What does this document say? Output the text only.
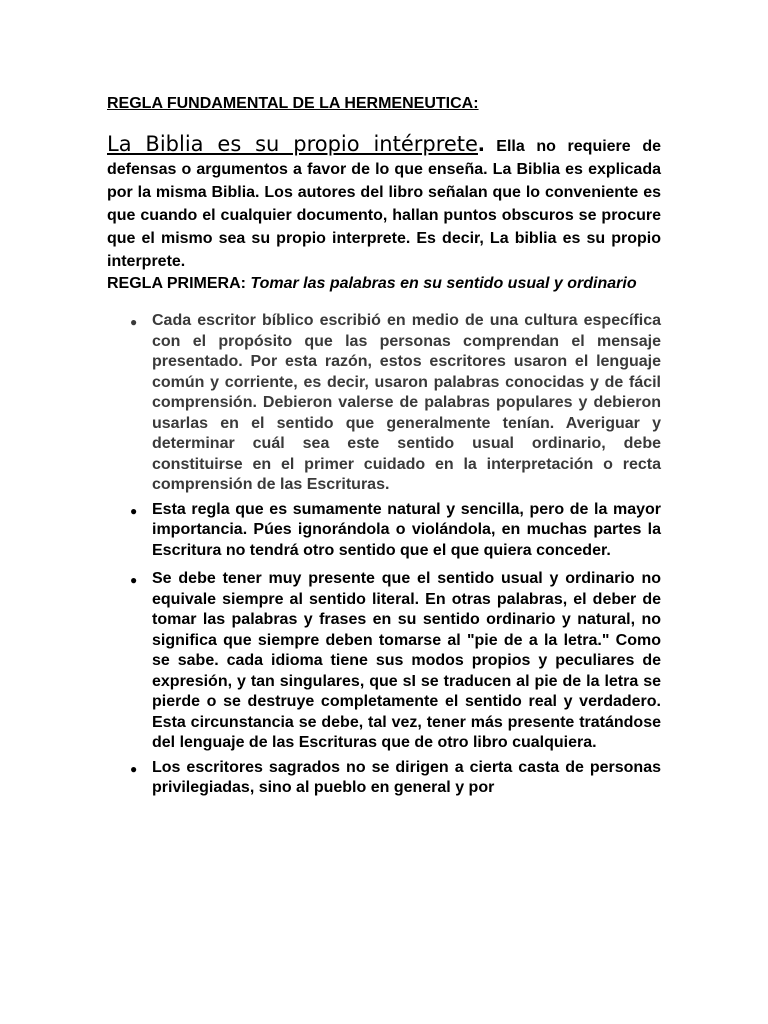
REGLA FUNDAMENTAL DE LA HERMENEUTICA:

La Biblia es su propio intérprete. Ella no requiere de defensas o argumentos a favor de lo que enseña. La Biblia es explicada por la misma Biblia. Los autores del libro señalan que lo conveniente es que cuando el cualquier documento, hallan puntos obscuros se procure que el mismo sea su propio interprete. Es decir, La biblia es su propio interprete.

REGLA PRIMERA: Tomar las palabras en su sentido usual y ordinario

● Cada escritor bíblico escribió en medio de una cultura específica con el propósito que las personas comprendan el mensaje presentado. Por esta razón, estos escritores usaron el lenguaje común y corriente, es decir, usaron palabras conocidas y de fácil comprensión. Debieron valerse de palabras populares y debieron usarlas en el sentido que generalmente tenían. Averiguar y determinar cuál sea este sentido usual ordinario, debe constituirse en el primer cuidado en la interpretación o recta comprensión de las Escrituras.
● Esta regla que es sumamente natural y sencilla, pero de la mayor importancia. Púes ignorándola o violándola, en muchas partes la Escritura no tendrá otro sentido que el que quiera conceder.
● Se debe tener muy presente que el sentido usual y ordinario no equivale siempre al sentido literal. En otras palabras, el deber de tomar las palabras y frases en su sentido ordinario y natural, no significa que siempre deben tomarse al "pie de a la letra." Como se sabe. cada idioma tiene sus modos propios y peculiares de expresión, y tan singulares, que sI se traducen al pie de la letra se pierde o se destruye completamente el sentido real y verdadero. Esta circunstancia se debe, tal vez, tener más presente tratándose del lenguaje de las Escrituras que de otro libro cualquiera.
● Los escritores sagrados no se dirigen a cierta casta de personas privilegiadas, sino al pueblo en general y por
